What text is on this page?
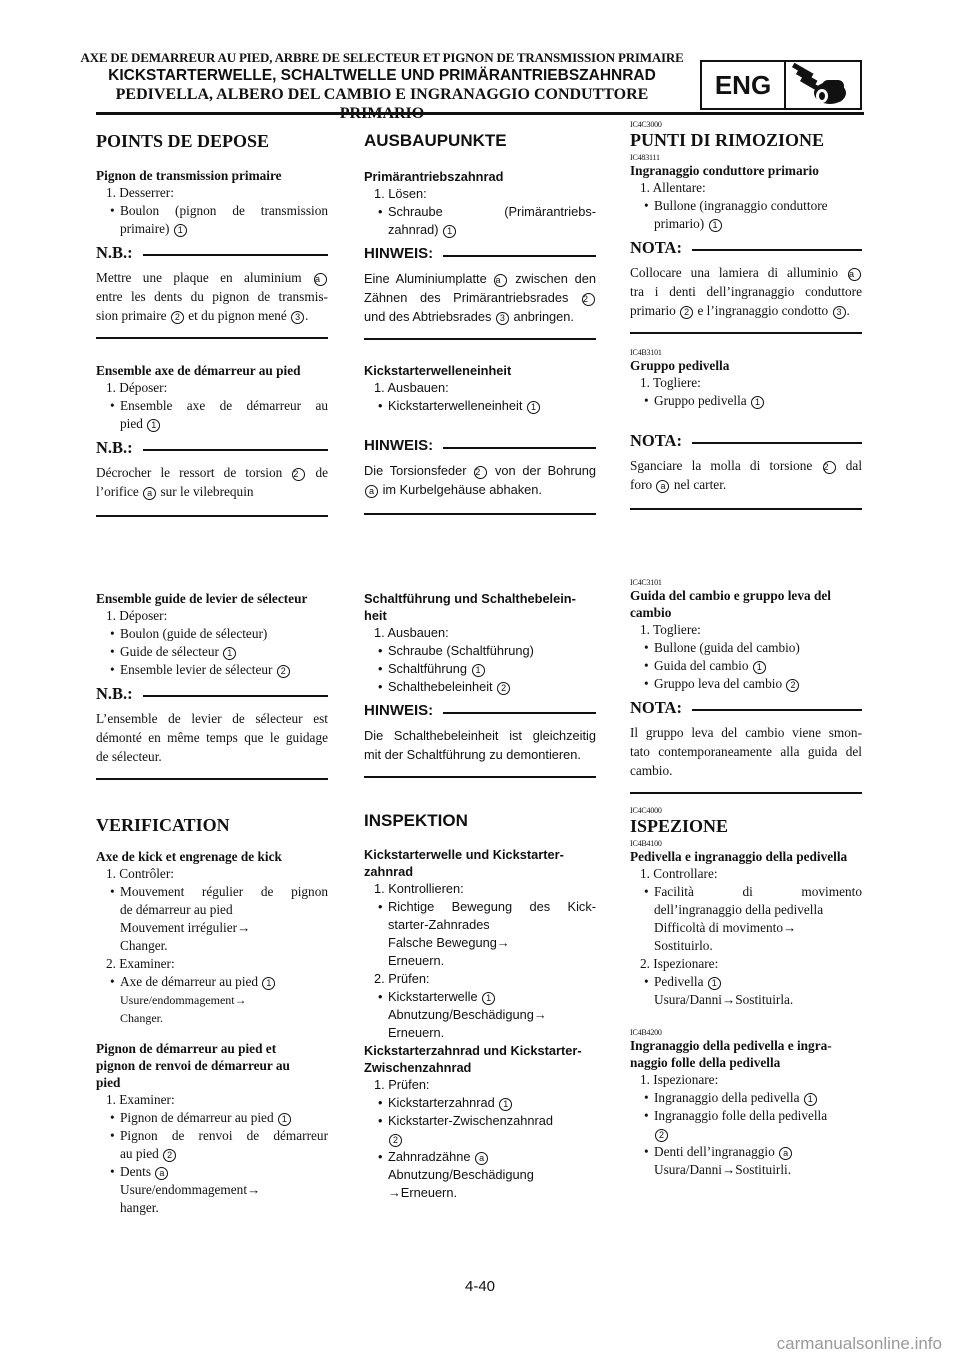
AXE DE DEMARREUR AU PIED, ARBRE DE SELECTEUR ET PIGNON DE TRANSMISSION PRIMAIRE
KICKSTARTERWELLE, SCHALTWELLE UND PRIMÄRANTRIEBSZAHNRAD
PEDIVELLA, ALBERO DEL CAMBIO E INGRANAGGIO CONDUTTORE	ENG

POINTS DE DEPOSE

Pignon de transmission primaire

1. Desserrer:

• Boulon (pignon de transmission

primaire) 1

N.B.:
Mettre une plaque en aluminium a
entre les dents du pignon de transmis-
sion primaire 2 et du pignon mené 3 .

Ensemble axe de démarreur au pied

1. Déposer:

• Ensemble axe de démarreur au

pied 1

N.B.:
Décrocher le ressort de torsion 2 de
l’orifice a sur le vilebrequin

Ensemble guide de levier de sélecteur

1. Déposer:

• Boulon (guide de sélecteur)

• Guide de sélecteur 1

• Ensemble levier de sélecteur 2

N.B.:
L’ensemble de levier de sélecteur est
démonté en même temps que le guidage
de sélecteur.

VERIFICATION

Axe de kick et engrenage de kick

1. Contrôler:

• Mouvement régulier de pignon

de démarreur au pied

Mouvement irrégulier→

Changer.

2. Examiner:

• Axe de démarreur au pied 1

Usure/endommagement→

Changer.

Pignon de démarreur au pied et

pignon de renvoi de démarreur au

pied

1. Examiner:

• Pignon de démarreur au pied 1

• Pignon de renvoi de démarreur

au pied 2

• Dents a

Usure/endommagement→

hanger.

AUSBAUPUNKTE

Primärantriebszahnrad

1. Lösen:

• Schraube (Primärantriebs-

zahnrad) 1

HINWEIS:
Eine Aluminiumplatte a zwischen den
Zähnen des Primärantriebsrades 2
und des Abtriebsrades 3 anbringen.

Kickstarterwelleneinheit

1. Ausbauen:

• Kickstarterwelleneinheit 1

HINWEIS:
Die Torsionsfeder 2 von der Bohrung
a im Kurbelgehäuse abhaken.

Schaltführung und Schalthebelein-

heit

1. Ausbauen:

• Schraube (Schaltführung)

• Schaltführung 1

• Schalthebeleinheit 2

HINWEIS:
Die Schalthebeleinheit ist gleichzeitig
mit der Schaltführung zu demontieren.

INSPEKTION

Kickstarterwelle und Kickstarter-

zahnrad

1. Kontrollieren:

• Richtige Bewegung des Kick-

starter-Zahnrades

Falsche Bewegung→

Erneuern.

2. Prüfen:

• Kickstarterwelle 1

Abnutzung/Beschädigung→

Erneuern.

Kickstarterzahnrad und Kickstarter-

Zwischenzahnrad

1. Prüfen:

• Kickstarterzahnrad 1

• Kickstarter-Zwischenzahnrad

2

• Zahnradzähne a

Abnutzung/Beschädigung

→Erneuern.

IC4C3000

PUNTI DI RIMOZIONE

IC483111

Ingranaggio conduttore primario

1. Allentare:

• Bullone (ingranaggio conduttore

primario) 1

NOTA:
Collocare una lamiera di alluminio a
tra i denti dell’ingranaggio conduttore
primario 2 e l’ingranaggio condotto 3 .
IC4B3101

Gruppo pedivella

1. Togliere:

• Gruppo pedivella 1

NOTA:
Sganciare la molla di torsione 2 dal
foro a nel carter.
IC4C3101

Guida del cambio e gruppo leva del

cambio

1. Togliere:

• Bullone (guida del cambio)

• Guida del cambio 1

• Gruppo leva del cambio 2

NOTA:
Il gruppo leva del cambio viene smon-
tato contemporaneamente alla guida del
cambio.
IC4C4000

ISPEZIONE

IC4B4100

Pedivella e ingranaggio della pedivella

1. Controllare:

• Facilità di movimento

dell’ingranaggio della pedivella

Difficoltà di movimento→

Sostituirlo.

2. Ispezionare:

• Pedivella 1

Usura/Danni→Sostituirla.

IC4B4200

Ingranaggio della pedivella e ingra-

naggio folle della pedivella

1. Ispezionare:

• Ingranaggio della pedivella 1

• Ingranaggio folle della pedivella

2

• Denti dell’ingranaggio a

Usura/Danni→Sostituirli.

4-40
carmanualsonline.info
